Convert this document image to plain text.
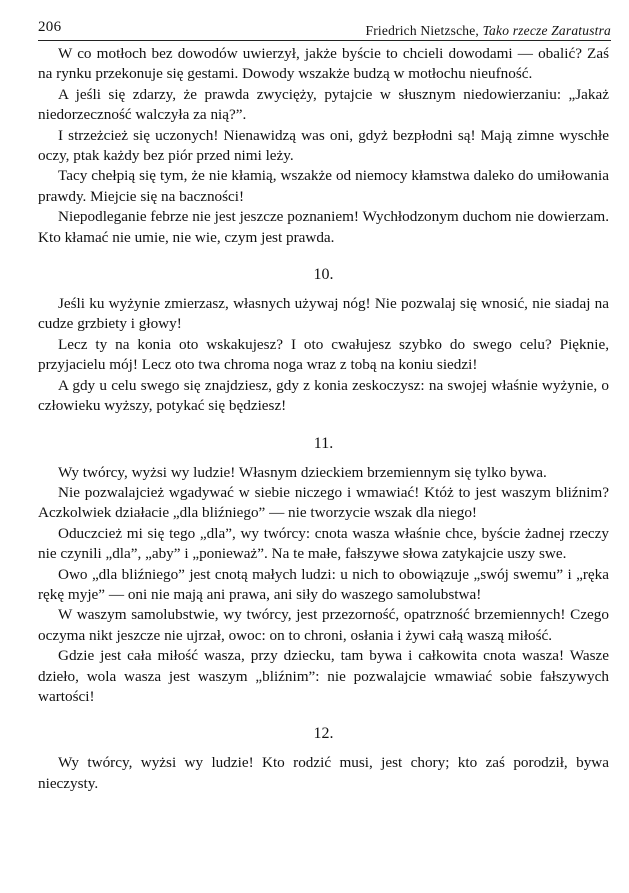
206	Friedrich Nietzsche, Tako rzecze Zaratustra

W co motłoch bez dowodów uwierzył, jakże byście to chcieli dowodami — obalić? Zaś na rynku przekonuje się gestami. Dowody wszakże budzą w motłochu nieufność.

A jeśli się zdarzy, że prawda zwycięży, pytajcie w słusznym niedowierzaniu: „Jakaż niedorzeczność walczyła za nią?”.

I strzeżcież się uczonych! Nienawidzą was oni, gdyż bezpłodni są! Mają zimne wyschłe oczy, ptak każdy bez piór przed nimi leży.

Tacy chełpią się tym, że nie kłamią, wszakże od niemocy kłamstwa daleko do umiłowania prawdy. Miejcie się na baczności!

Niepodleganie febrze nie jest jeszcze poznaniem! Wychłodzonym duchom nie dowierzam. Kto kłamać nie umie, nie wie, czym jest prawda.

10.

Jeśli ku wyżynie zmierzasz, własnych używaj nóg! Nie pozwalaj się wnosić, nie siadaj na cudze grzbiety i głowy!

Lecz ty na konia oto wskakujesz? I oto cwałujesz szybko do swego celu? Pięknie, przyjacielu mój! Lecz oto twa chroma noga wraz z tobą na koniu siedzi!

A gdy u celu swego się znajdziesz, gdy z konia zeskoczysz: na swojej właśnie wyżynie, o człowieku wyższy, potykać się będziesz!

11.

Wy twórcy, wyżsi wy ludzie! Własnym dzieckiem brzemiennym się tylko bywa.

Nie pozwalajcież wgadywać w siebie niczego i wmawiać! Któż to jest waszym bliźnim? Aczkolwiek działacie „dla bliźniego” — nie tworzycie wszak dla niego!

Oduczcież mi się tego „dla”, wy twórcy: cnota wasza właśnie chce, byście żadnej rzeczy nie czynili „dla”, „aby” i „ponieważ”. Na te małe, fałszywe słowa zatykajcie uszy swe.

Owo „dla bliźniego” jest cnotą małych ludzi: u nich to obowiązuje „swój swemu” i „ręka rękę myje” — oni nie mają ani prawa, ani siły do waszego samolubstwa!

W waszym samolubstwie, wy twórcy, jest przezorność, opatrzność brzemiennych! Czego oczyma nikt jeszcze nie ujrzał, owoc: on to chroni, osłania i żywi całą waszą miłość.

Gdzie jest cała miłość wasza, przy dziecku, tam bywa i całkowita cnota wasza! Wasze dzieło, wola wasza jest waszym „bliźnim”: nie pozwalajcie wmawiać sobie fałszywych wartości!

12.

Wy twórcy, wyżsi wy ludzie! Kto rodzić musi, jest chory; kto zaś porodził, bywa nieczysty.
